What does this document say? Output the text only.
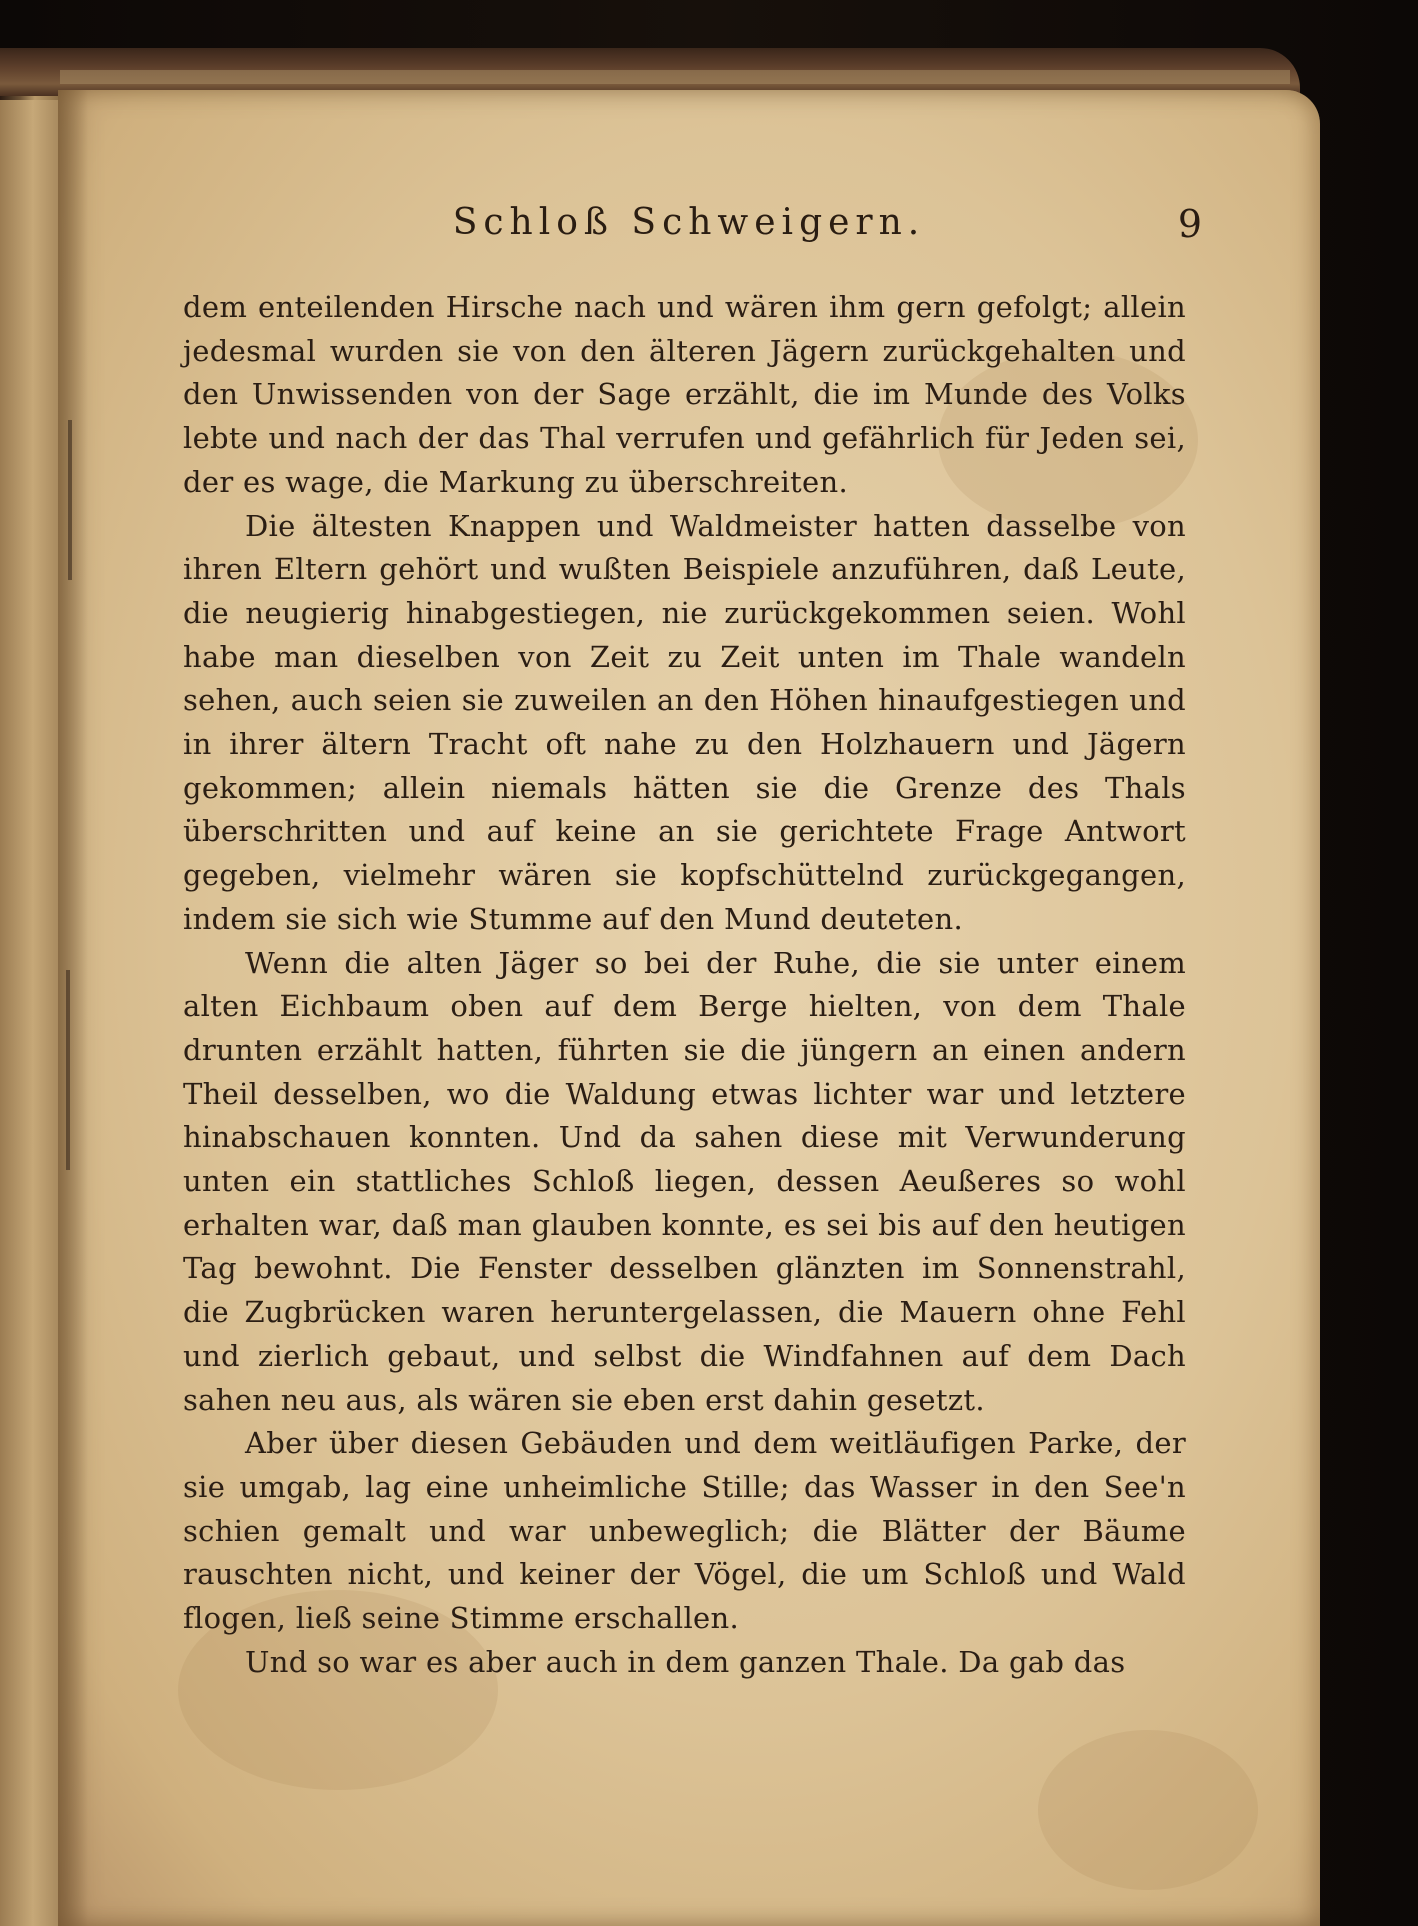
Schloß Schweigern.	9

dem enteilenden Hirsche nach und wären ihm gern gefolgt; allein jedesmal wurden sie von den älteren Jägern zurückgehalten und den Unwissenden von der Sage erzählt, die im Munde des Volks lebte und nach der das Thal verrufen und gefährlich für Jeden sei, der es wage, die Markung zu überschreiten.

Die ältesten Knappen und Waldmeister hatten dasselbe von ihren Eltern gehört und wußten Beispiele anzuführen, daß Leute, die neugierig hinabgestiegen, nie zurückgekommen seien. Wohl habe man dieselben von Zeit zu Zeit unten im Thale wandeln sehen, auch seien sie zuweilen an den Höhen hinaufgestiegen und in ihrer ältern Tracht oft nahe zu den Holzhauern und Jägern gekommen; allein niemals hätten sie die Grenze des Thals überschritten und auf keine an sie gerichtete Frage Antwort gegeben, vielmehr wären sie kopfschüttelnd zurückgegangen, indem sie sich wie Stumme auf den Mund deuteten.

Wenn die alten Jäger so bei der Ruhe, die sie unter einem alten Eichbaum oben auf dem Berge hielten, von dem Thale drunten erzählt hatten, führten sie die jüngern an einen andern Theil desselben, wo die Waldung etwas lichter war und letztere hinabschauen konnten. Und da sahen diese mit Verwunderung unten ein stattliches Schloß liegen, dessen Aeußeres so wohl erhalten war, daß man glauben konnte, es sei bis auf den heutigen Tag bewohnt. Die Fenster desselben glänzten im Sonnenstrahl, die Zugbrücken waren heruntergelassen, die Mauern ohne Fehl und zierlich gebaut, und selbst die Windfahnen auf dem Dach sahen neu aus, als wären sie eben erst dahin gesetzt.

Aber über diesen Gebäuden und dem weitläufigen Parke, der sie umgab, lag eine unheimliche Stille; das Wasser in den See'n schien gemalt und war unbeweglich; die Blätter der Bäume rauschten nicht, und keiner der Vögel, die um Schloß und Wald flogen, ließ seine Stimme erschallen.

Und so war es aber auch in dem ganzen Thale. Da gab das
